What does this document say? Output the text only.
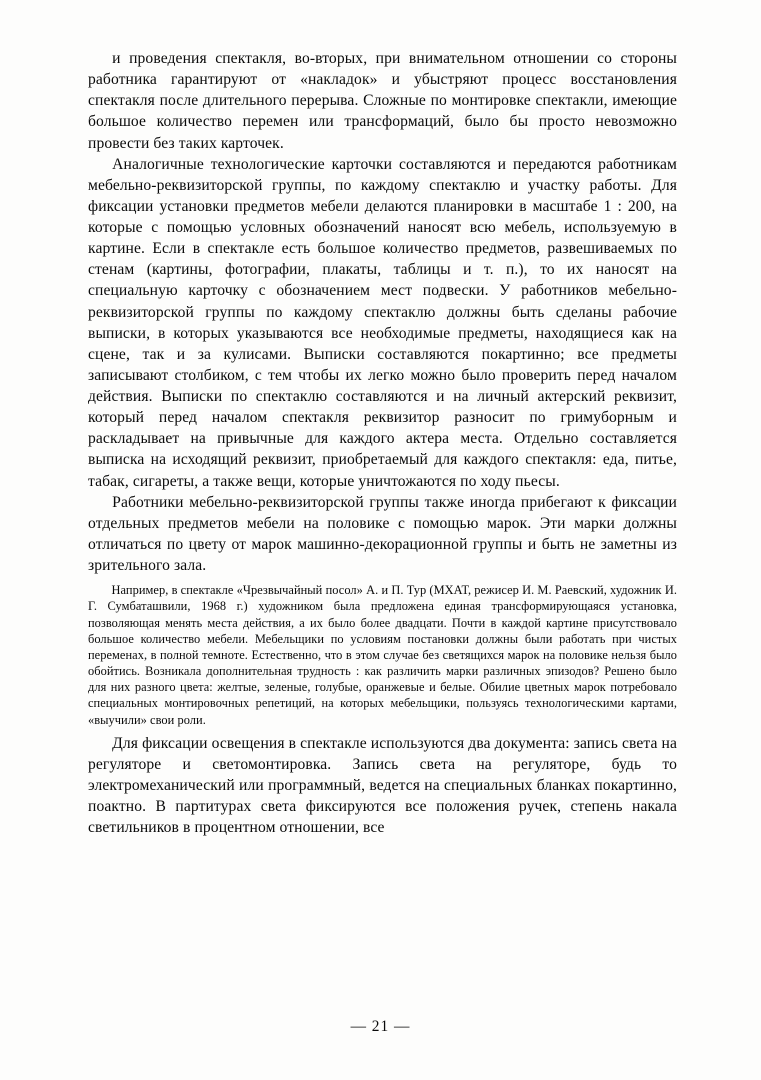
и проведения спектакля, во-вторых, при внимательном отношении со стороны работника гарантируют от «накладок» и убыстряют процесс восстановления спектакля после длительного перерыва. Сложные по монтировке спектакли, имеющие большое количество перемен или трансформаций, было бы просто невозможно провести без таких карточек.

Аналогичные технологические карточки составляются и передаются работникам мебельно-реквизиторской группы, по каждому спектаклю и участку работы. Для фиксации установки предметов мебели делаются планировки в масштабе 1 : 200, на которые с помощью условных обозначений наносят всю мебель, используемую в картине. Если в спектакле есть большое количество предметов, развешиваемых по стенам (картины, фотографии, плакаты, таблицы и т. п.), то их наносят на специальную карточку с обозначением мест подвески. У работников мебельно-реквизиторской группы по каждому спектаклю должны быть сделаны рабочие выписки, в которых указываются все необходимые предметы, находящиеся как на сцене, так и за кулисами. Выписки составляются покартинно; все предметы записывают столбиком, с тем чтобы их легко можно было проверить перед началом действия. Выписки по спектаклю составляются и на личный актерский реквизит, который перед началом спектакля реквизитор разносит по гримуборным и раскладывает на привычные для каждого актера места. Отдельно составляется выписка на исходящий реквизит, приобретаемый для каждого спектакля: еда, питье, табак, сигареты, а также вещи, которые уничтожаются по ходу пьесы.

Работники мебельно-реквизиторской группы также иногда прибегают к фиксации отдельных предметов мебели на половике с помощью марок. Эти марки должны отличаться по цвету от марок машинно-декорационной группы и быть не заметны из зрительного зала.

Например, в спектакле «Чрезвычайный посол» А. и П. Тур (МХАТ, режисер И. М. Раевский, художник И. Г. Сумбаташвили, 1968 г.) художником была предложена единая трансформирующаяся установка, позволяющая менять места действия, а их было более двадцати. Почти в каждой картине присутствовало большое количество мебели. Мебельщики по условиям постановки должны были работать при чистых переменах, в полной темноте. Естественно, что в этом случае без светящихся марок на половике нельзя было обойтись. Возникала дополнительная трудность : как различить марки различных эпизодов? Решено было для них разного цвета: желтые, зеленые, голубые, оранжевые и белые. Обилие цветных марок потребовало специальных монтировочных репетиций, на которых мебельщики, пользуясь технологическими картами, «выучили» свои роли.

Для фиксации освещения в спектакле используются два документа: запись света на регуляторе и светомонтировка. Запись света на регуляторе, будь то электромеханический или программный, ведется на специальных бланках покартинно, поактно. В партитурах света фиксируются все положения ручек, степень накала светильников в процентном отношении, все

— 21 —
